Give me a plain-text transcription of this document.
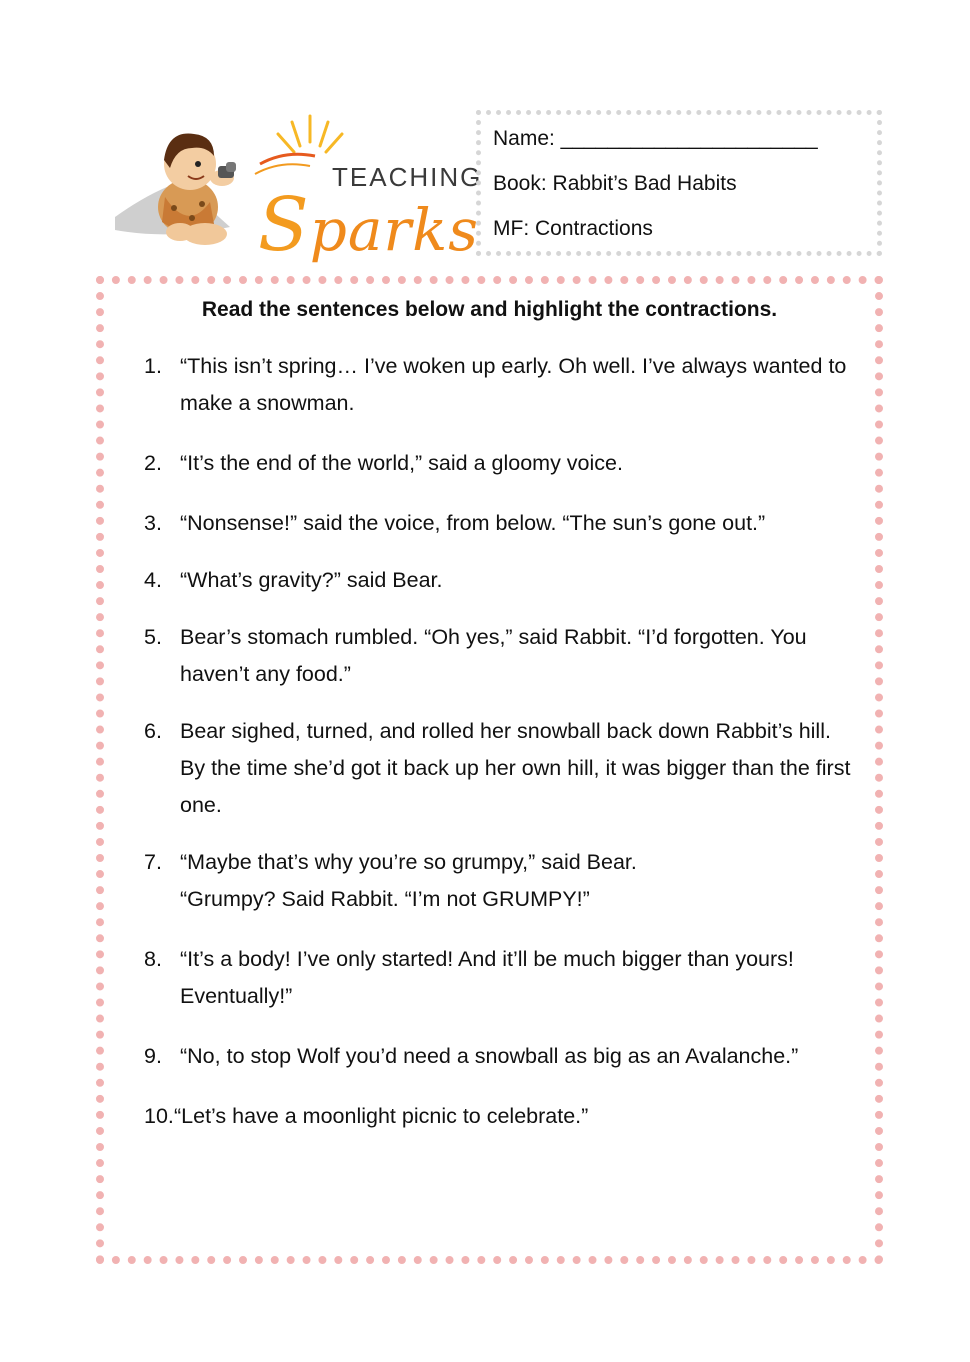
TEACHING
Sparks
Name: ______________________
Book: Rabbit’s Bad Habits
MF: Contractions
Read the sentences below and highlight the contractions.
1. “This isn’t spring… I’ve woken up early. Oh well. I’ve always wanted to make a snowman.
2. “It’s the end of the world,” said a gloomy voice.
3. “Nonsense!” said the voice, from below. “The sun’s gone out.”
4. “What’s gravity?” said Bear.
5. Bear’s stomach rumbled. “Oh yes,” said Rabbit. “I’d forgotten. You haven’t any food.”
6. Bear sighed, turned, and rolled her snowball back down Rabbit’s hill. By the time she’d got it back up her own hill, it was bigger than the first one.
7. “Maybe that’s why you’re so grumpy,” said Bear.
“Grumpy? Said Rabbit. “I’m not GRUMPY!”
8. “It’s a body! I’ve only started! And it’ll be much bigger than yours! Eventually!”
9. “No, to stop Wolf you’d need a snowball as big as an Avalanche.”
10. “Let’s have a moonlight picnic to celebrate.”
